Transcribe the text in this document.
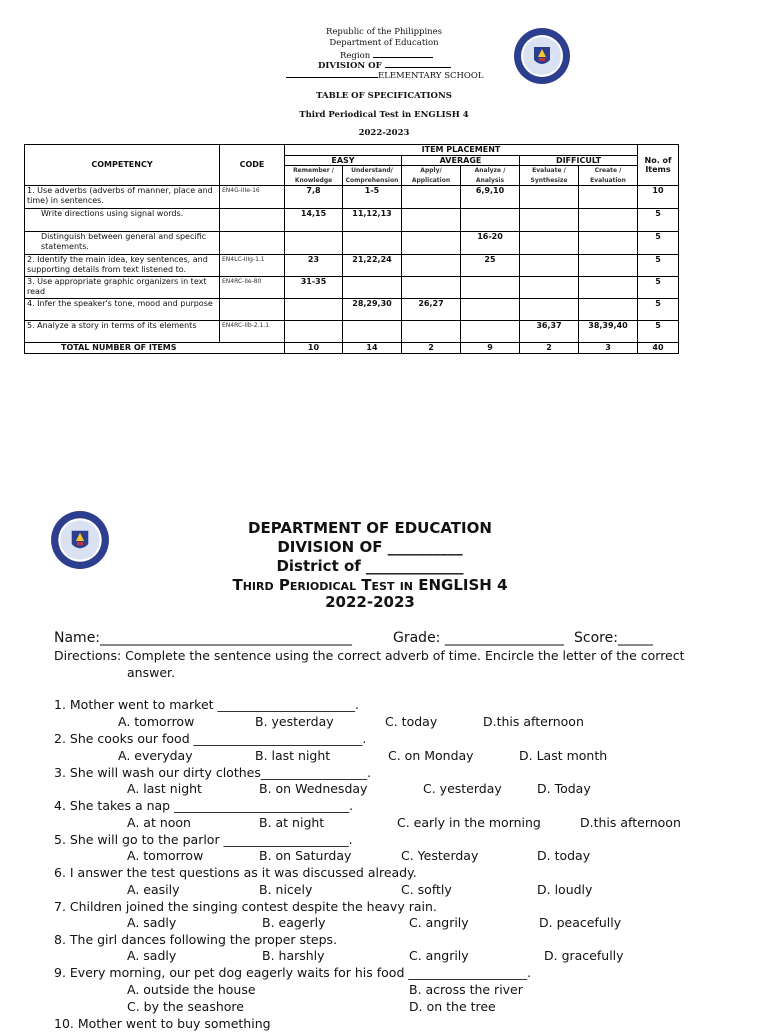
Republic of the Philippines
Department of Education
Region
DIVISION OF
ELEMENTARY SCHOOL
TABLE OF SPECIFICATIONS
Third Periodical Test in ENGLISH 4
2022-2023
COMPETENCY	CODE	ITEM PLACEMENT						No. of Items
		EASY		AVERAGE		DIFFICULT		
		Remember / Knowledge	Understand/ Comprehension	Apply/ Application	Analyze / Analysis	Evaluate / Synthesize	Create / Evaluation	
1. Use adverbs (adverbs of manner, place and time) in sentences.	EN4G-IIIe-16	7,8	1-5		6,9,10			10
Write directions using signal words.		14,15	11,12,13					5
Distinguish between general and specific statements.					16-20			5
2. Identify the main idea, key sentences, and supporting details from text listened to.	EN4LC-IIIg-1.1	23	21,22,24		25			5
3. Use appropriate graphic organizers in text read	EN4RC-IIe-80	31-35						5
4. Infer the speaker's tone, mood and purpose			28,29,30	26,27				5
5. Analyze a story in terms of its elements	EN4RC-IIb-2.1.1					36,37	38,39,40	5
TOTAL NUMBER OF ITEMS		10	14	2	9	2	3	40
DEPARTMENT OF EDUCATION
DIVISION OF __________
District of _____________
Third Periodical Test in ENGLISH 4
2022-2023
Name:____________________________________	Grade: _________________ Score:_____
Directions: Complete the sentence using the correct adverb of time. Encircle the letter of the correct
answer.
1. Mother went to market ______________________.
A. tomorrow	B. yesterday	C. today	D.this afternoon
2. She cooks our food ___________________________.
A. everyday	B. last night	C. on Monday	D. Last month
3. She will wash our dirty clothes_________________.
A. last night	B. on Wednesday	C. yesterday	D. Today
4. She takes a nap ____________________________.
A. at noon	B. at night	C. early in the morning	D.this afternoon
5. She will go to the parlor ____________________.
A. tomorrow	B. on Saturday	C. Yesterday	D. today
6. I answer the test questions as it was discussed already.
A. easily	B. nicely	C. softly	D. loudly
7. Children joined the singing contest despite the heavy rain.
A. sadly	B. eagerly	C. angrily	D. peacefully
8. The girl dances following the proper steps.
A. sadly	B. harshly	C. angrily	D. gracefully
9. Every morning, our pet dog eagerly waits for his food ___________________.
A. outside the house	B. across the river
C. by the seashore	D. on the tree
10. Mother went to buy something
